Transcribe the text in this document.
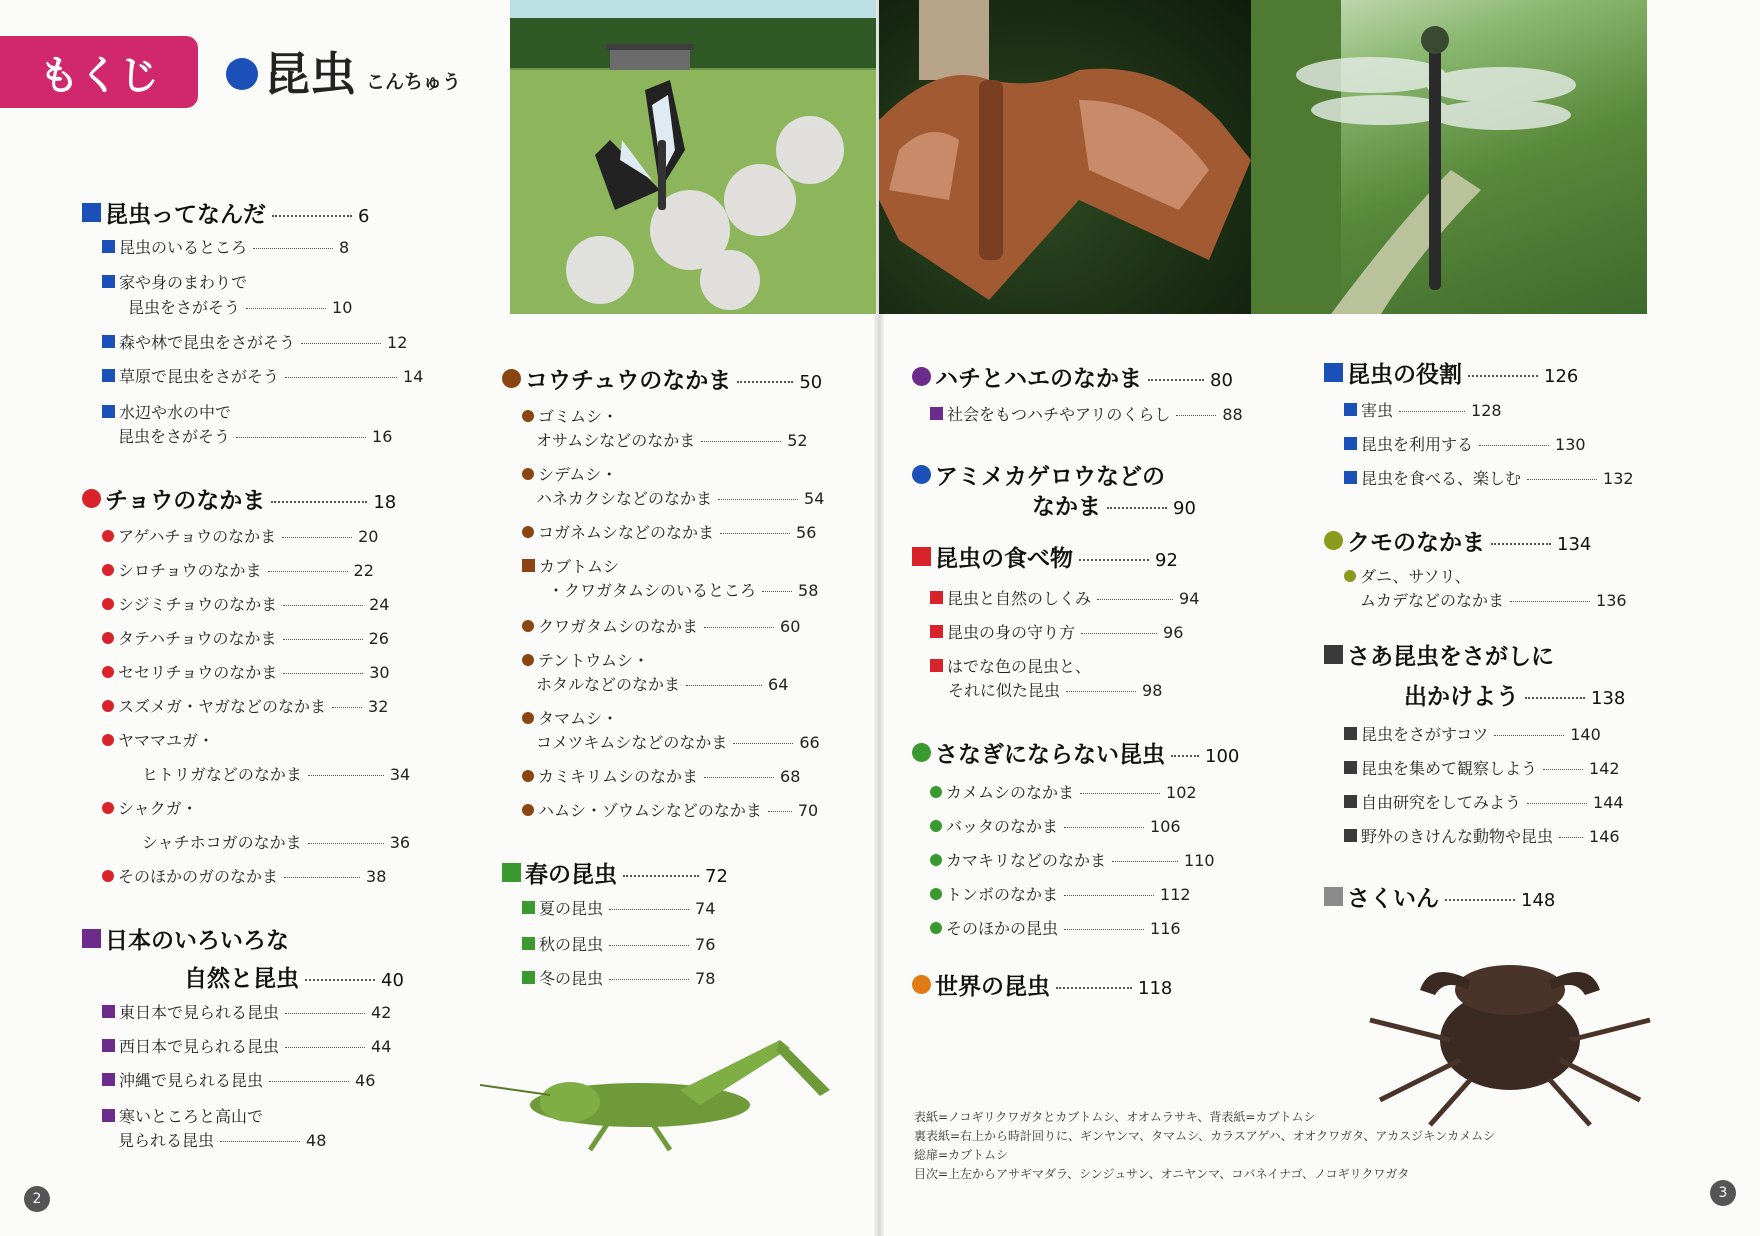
もくじ 昆虫 こんちゅう
昆虫ってなんだ	6
昆虫のいるところ	8
家や身のまわりで
昆虫をさがそう	10
森や林で昆虫をさがそう	12
草原で昆虫をさがそう	14
水辺や水の中で
昆虫をさがそう	16
チョウのなかま	18
アゲハチョウのなかま	20
シロチョウのなかま	22
シジミチョウのなかま	24
タテハチョウのなかま	26
セセリチョウのなかま	30
スズメガ・ヤガなどのなかま	32
ヤママユガ・
ヒトリガなどのなかま	34
シャクガ・
シャチホコガのなかま	36
そのほかのガのなかま	38
日本のいろいろな
自然と昆虫	40
東日本で見られる昆虫	42
西日本で見られる昆虫	44
沖縄で見られる昆虫	46
寒いところと高山で
見られる昆虫	48
コウチュウのなかま	50
ゴミムシ・
オサムシなどのなかま	52
シデムシ・
ハネカクシなどのなかま	54
コガネムシなどのなかま	56
カブトムシ
・クワガタムシのいるところ	58
クワガタムシのなかま	60
テントウムシ・
ホタルなどのなかま	64
タマムシ・
コメツキムシなどのなかま	66
カミキリムシのなかま	68
ハムシ・ゾウムシなどのなかま 70
春の昆虫	72
夏の昆虫	74
秋の昆虫	76
冬の昆虫	78
ハチとハエのなかま	80
社会をもつハチやアリのくらし	88
アミメカゲロウなどの
なかま	90
昆虫の食べ物	92
昆虫と自然のしくみ	94
昆虫の身の守り方	96
はでな色の昆虫と、
それに似た昆虫	98
さなぎにならない昆虫 100
カメムシのなかま	102
バッタのなかま	106
カマキリなどのなかま	110
トンボのなかま	112
そのほかの昆虫	116
世界の昆虫	118
昆虫の役割	126
害虫	128
昆虫を利用する	130
昆虫を食べる、楽しむ	132
クモのなかま	134
ダニ、サソリ、
ムカデなどのなかま	136
さあ昆虫をさがしに
出かけよう	138
昆虫をさがすコツ	140
昆虫を集めて観察しよう	142
自由研究をしてみよう	144
野外のきけんな動物や昆虫 146
さくいん	148
表紙=ノコギリクワガタとカブトムシ、オオムラサキ、背表紙=カブトムシ
裏表紙=右上から時計回りに、ギンヤンマ、タマムシ、カラスアゲハ、オオクワガタ、アカスジキンカメムシ
総扉=カブトムシ
目次=上左からアサギマダラ、シンジュサン、オニヤンマ、コバネイナゴ、ノコギリクワガタ
2	3
